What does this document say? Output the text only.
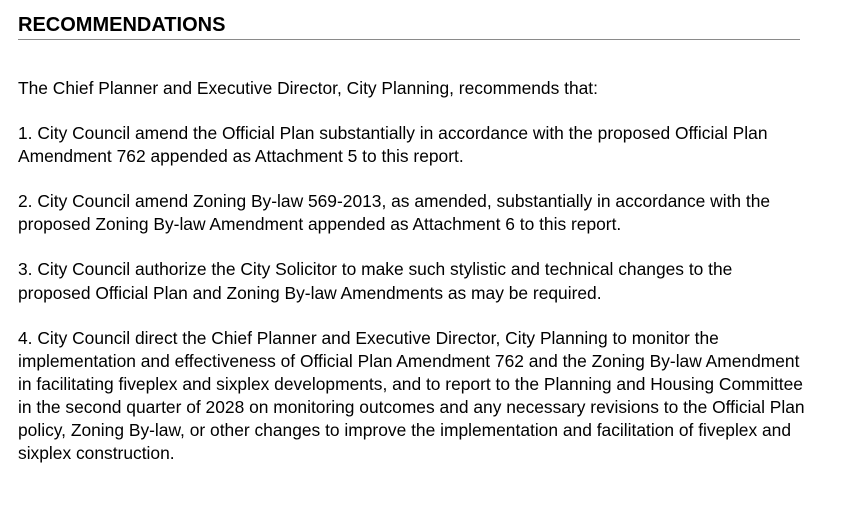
RECOMMENDATIONS

The Chief Planner and Executive Director, City Planning, recommends that:

1. City Council amend the Official Plan substantially in accordance with the proposed Official Plan Amendment 762 appended as Attachment 5 to this report.

2. City Council amend Zoning By-law 569-2013, as amended, substantially in accordance with the proposed Zoning By-law Amendment appended as Attachment 6 to this report.

3. City Council authorize the City Solicitor to make such stylistic and technical changes to the proposed Official Plan and Zoning By-law Amendments as may be required.

4. City Council direct the Chief Planner and Executive Director, City Planning to monitor the implementation and effectiveness of Official Plan Amendment 762 and the Zoning By-law Amendment in facilitating fiveplex and sixplex developments, and to report to the Planning and Housing Committee in the second quarter of 2028 on monitoring outcomes and any necessary revisions to the Official Plan policy, Zoning By-law, or other changes to improve the implementation and facilitation of fiveplex and sixplex construction.
